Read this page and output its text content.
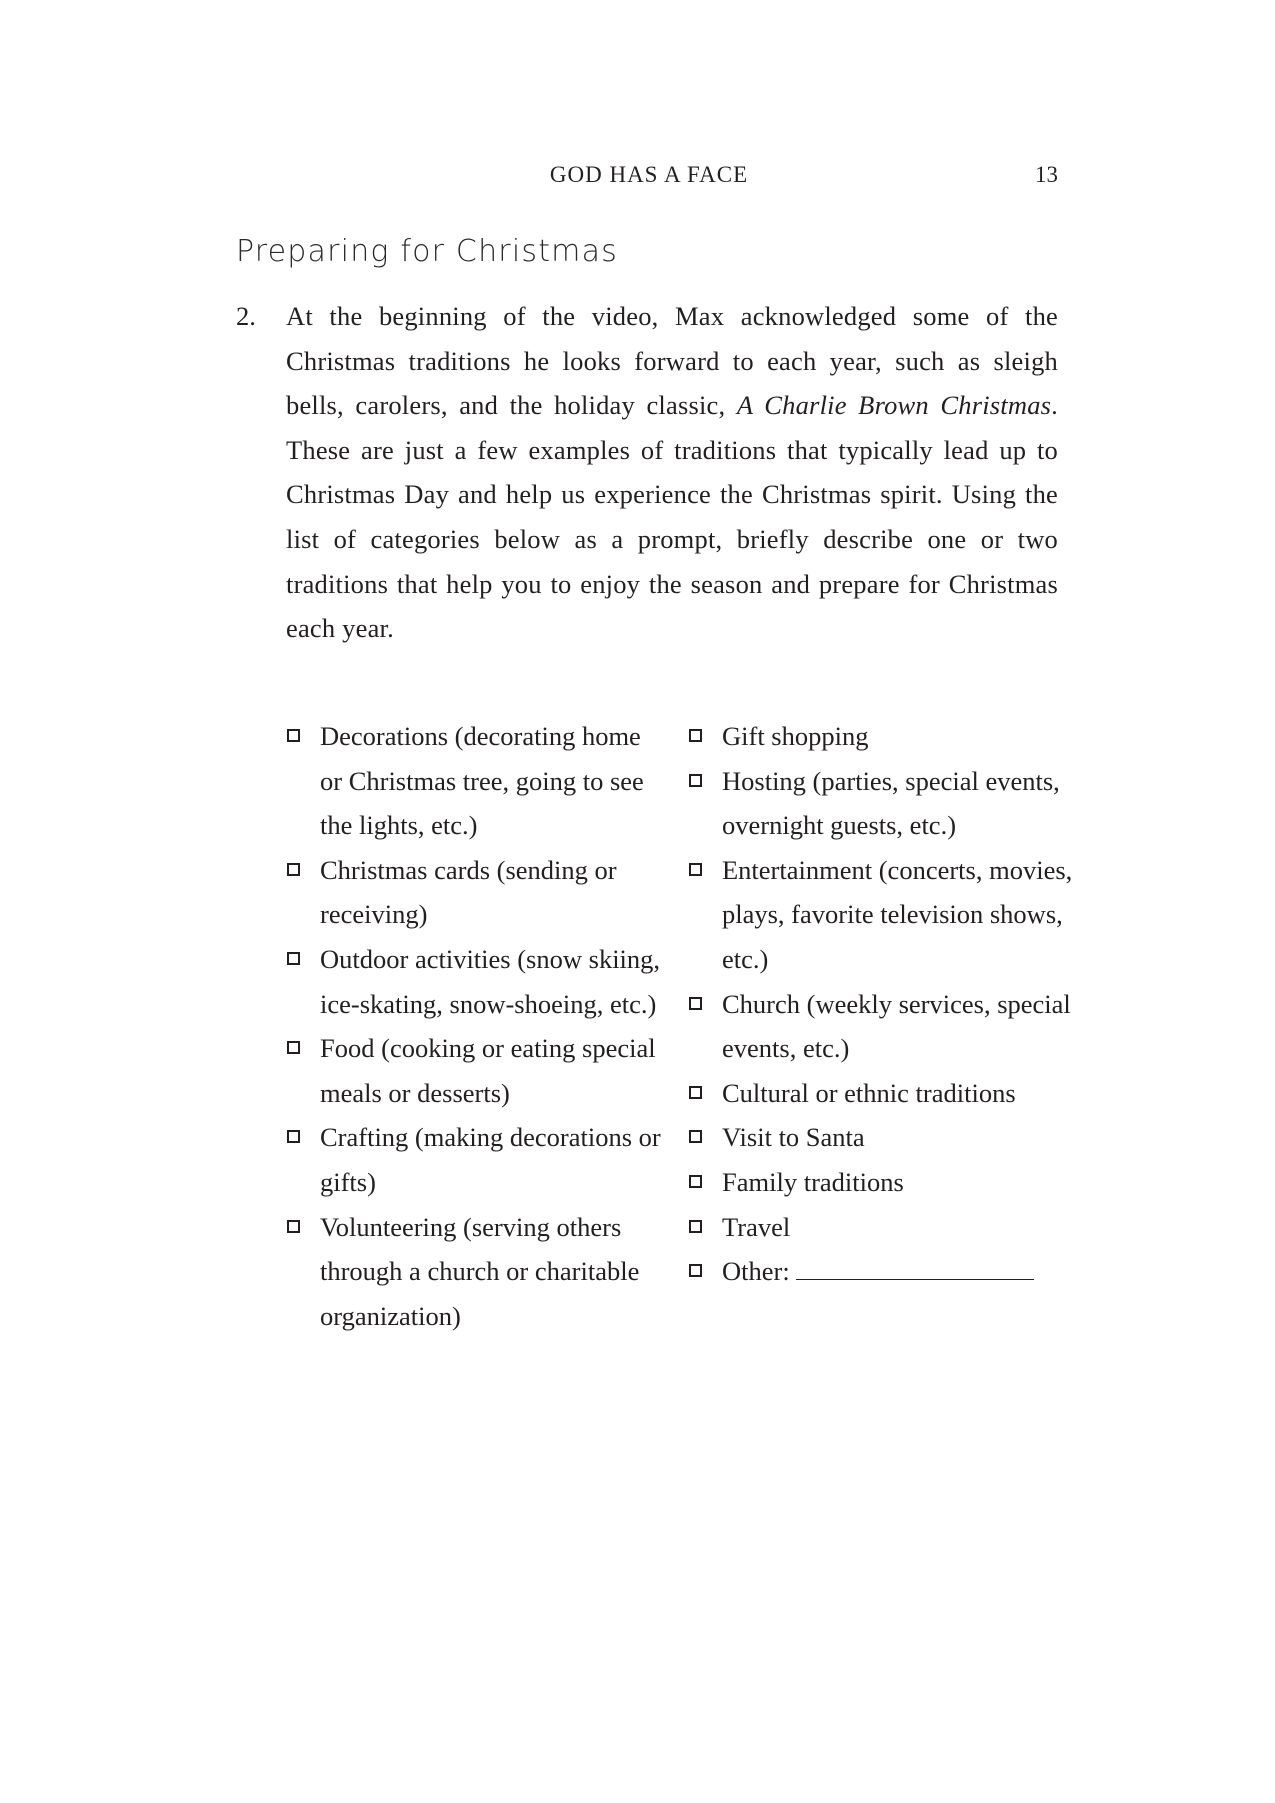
GOD HAS A FACE	13
Preparing for Christmas
2. At the beginning of the video, Max acknowledged some of the Christmas traditions he looks forward to each year, such as sleigh bells, carolers, and the holiday classic, A Charlie Brown Christmas. These are just a few examples of traditions that typically lead up to Christmas Day and help us experience the Christmas spirit. Using the list of categories below as a prompt, briefly describe one or two traditions that help you to enjoy the season and prepare for Christmas each year.
Decorations (decorating home or Christmas tree, going to see the lights, etc.)
Christmas cards (sending or receiving)
Outdoor activities (snow skiing, ice-skating, snow-shoeing, etc.)
Food (cooking or eating special meals or desserts)
Crafting (making decorations or gifts)
Volunteering (serving others through a church or charitable organization)
Gift shopping
Hosting (parties, special events, overnight guests, etc.)
Entertainment (concerts, movies, plays, favorite television shows, etc.)
Church (weekly services, special events, etc.)
Cultural or ethnic traditions
Visit to Santa
Family traditions
Travel
Other:
